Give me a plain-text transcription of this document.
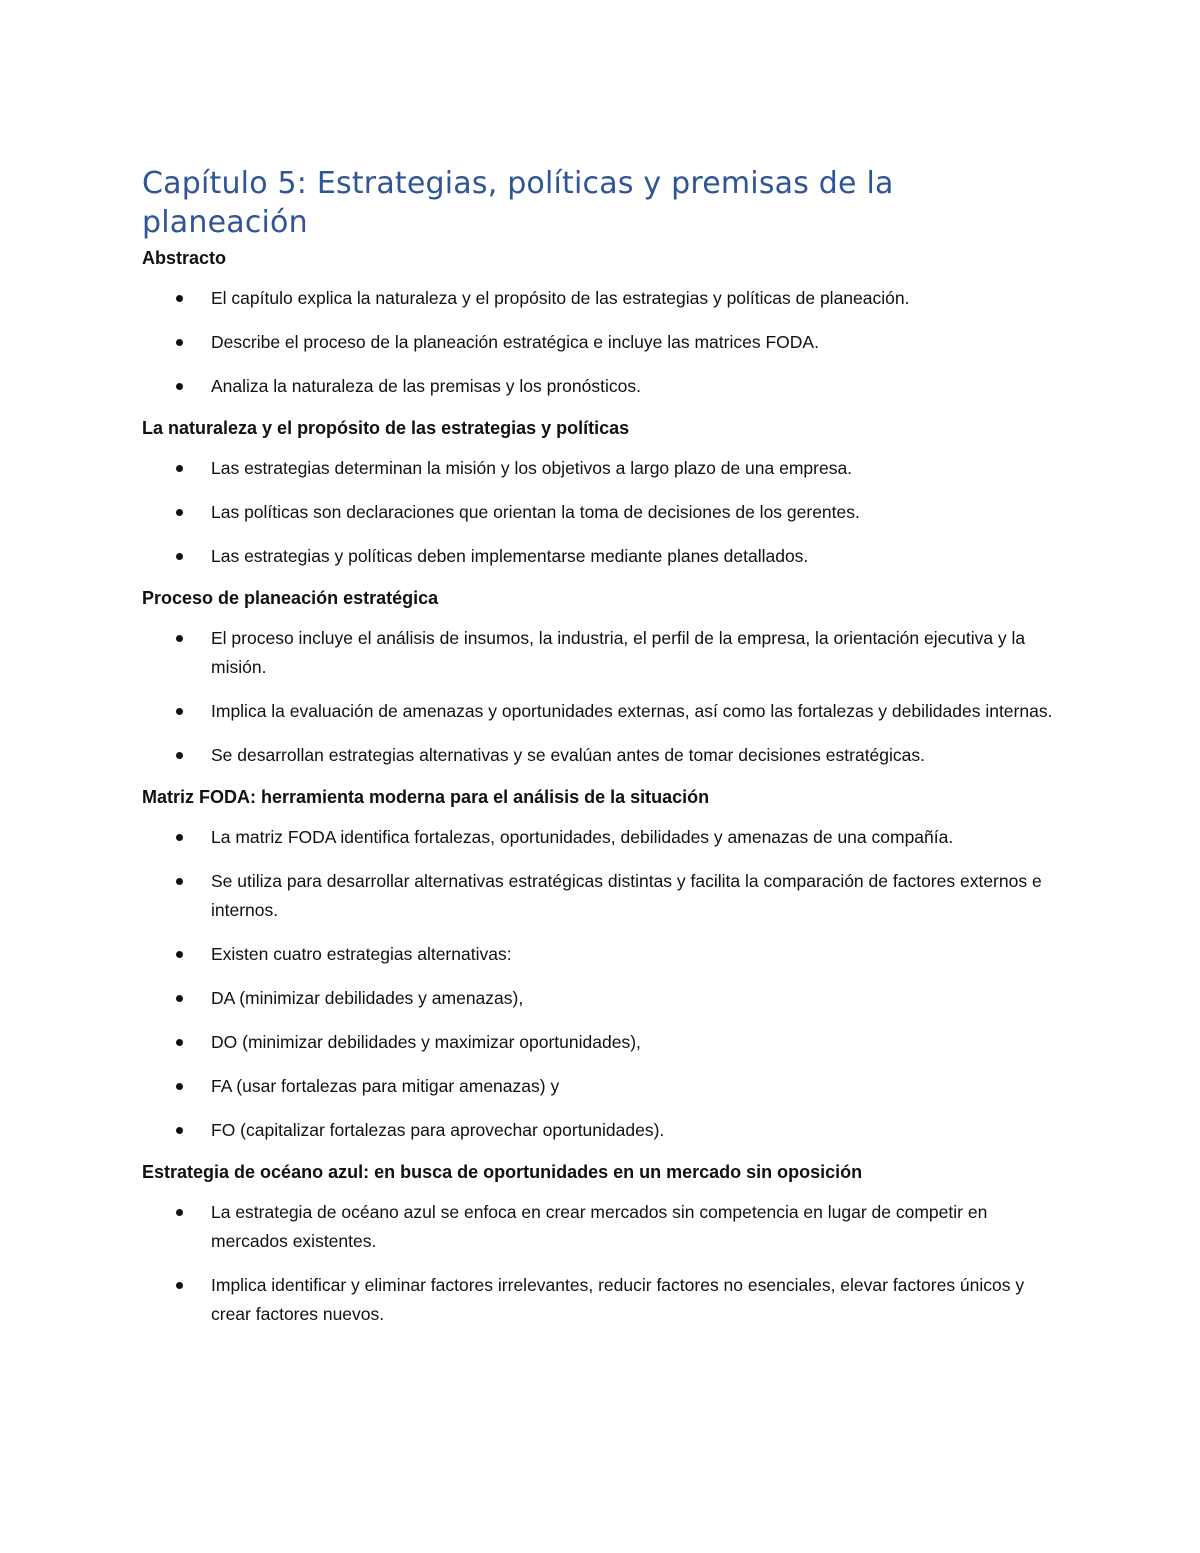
Capítulo 5: Estrategias, políticas y premisas de la planeación
Abstracto
El capítulo explica la naturaleza y el propósito de las estrategias y políticas de planeación.
Describe el proceso de la planeación estratégica e incluye las matrices FODA.
Analiza la naturaleza de las premisas y los pronósticos.
La naturaleza y el propósito de las estrategias y políticas
Las estrategias determinan la misión y los objetivos a largo plazo de una empresa.
Las políticas son declaraciones que orientan la toma de decisiones de los gerentes.
Las estrategias y políticas deben implementarse mediante planes detallados.
Proceso de planeación estratégica
El proceso incluye el análisis de insumos, la industria, el perfil de la empresa, la orientación ejecutiva y la misión.
Implica la evaluación de amenazas y oportunidades externas, así como las fortalezas y debilidades internas.
Se desarrollan estrategias alternativas y se evalúan antes de tomar decisiones estratégicas.
Matriz FODA: herramienta moderna para el análisis de la situación
La matriz FODA identifica fortalezas, oportunidades, debilidades y amenazas de una compañía.
Se utiliza para desarrollar alternativas estratégicas distintas y facilita la comparación de factores externos e internos.
Existen cuatro estrategias alternativas:
DA (minimizar debilidades y amenazas),
DO (minimizar debilidades y maximizar oportunidades),
FA (usar fortalezas para mitigar amenazas) y
FO (capitalizar fortalezas para aprovechar oportunidades).
Estrategia de océano azul: en busca de oportunidades en un mercado sin oposición
La estrategia de océano azul se enfoca en crear mercados sin competencia en lugar de competir en mercados existentes.
Implica identificar y eliminar factores irrelevantes, reducir factores no esenciales, elevar factores únicos y crear factores nuevos.
